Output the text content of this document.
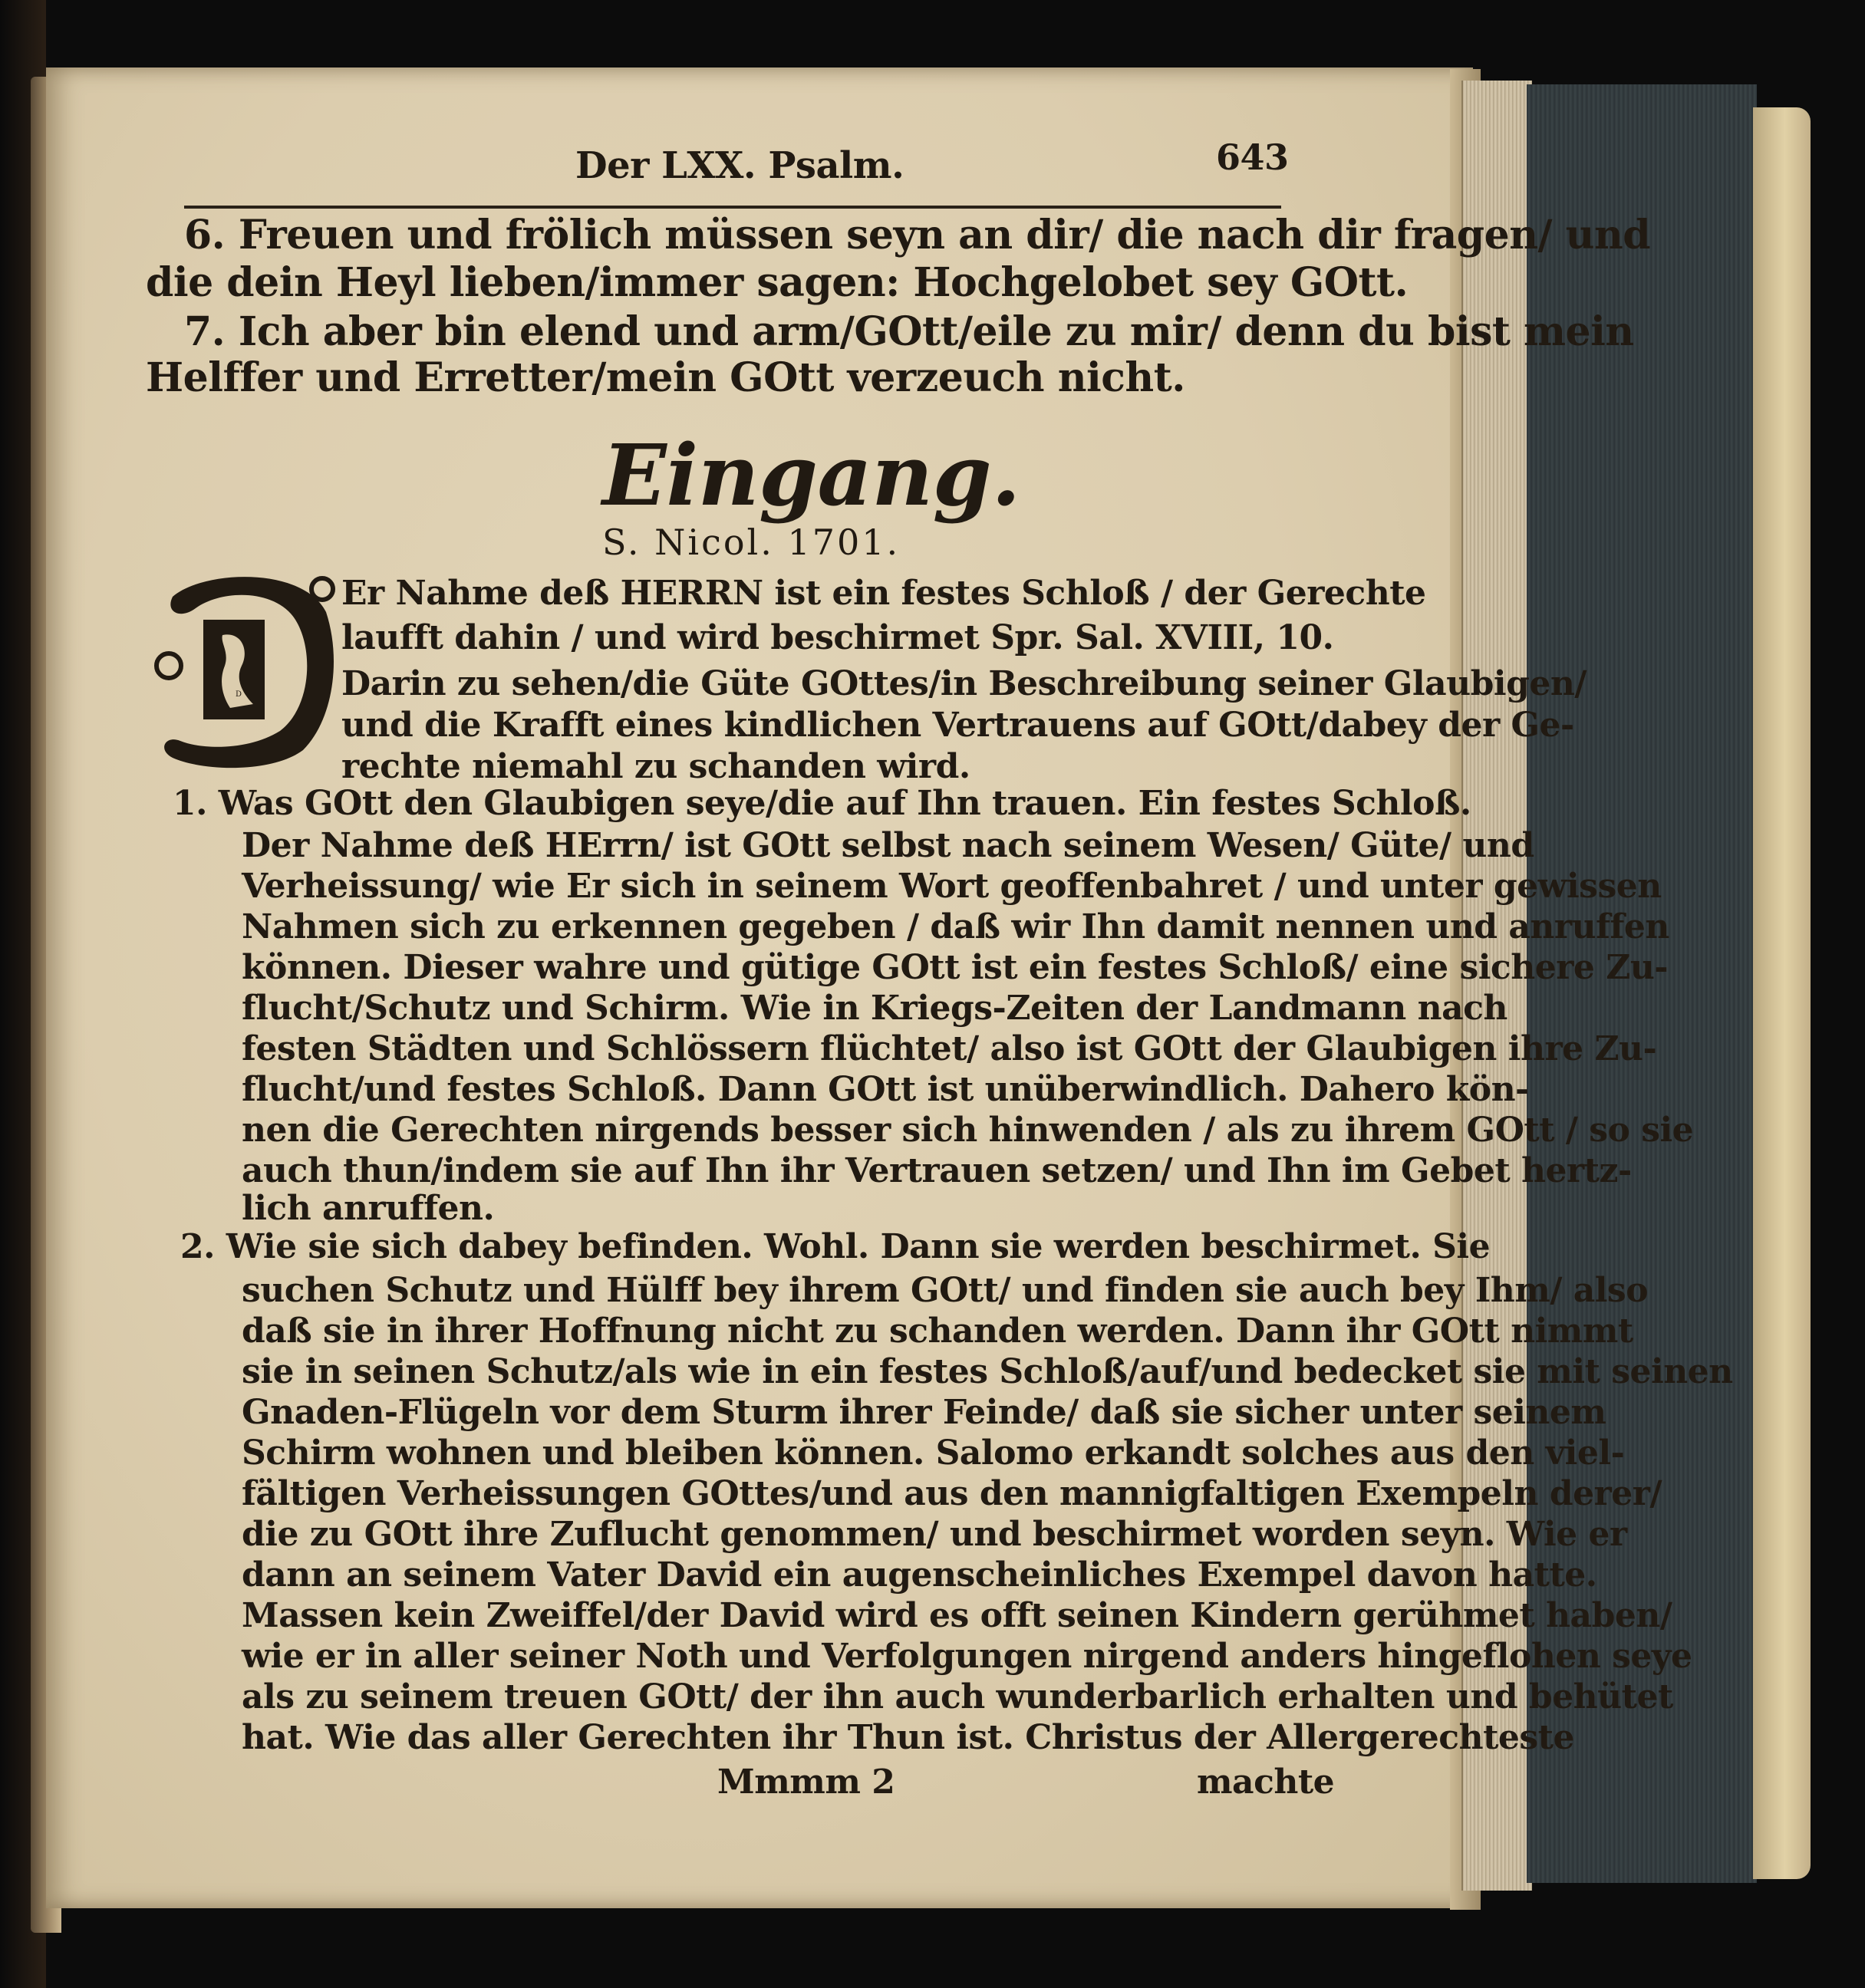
Der LXX. Psalm.	643
6. Freuen und frölich müssen seyn an dir/ die nach dir fragen/ und
die dein Heyl lieben/immer sagen: Hochgelobet sey GOtt.
7. Ich aber bin elend und arm/GOtt/eile zu mir/ denn du bist mein
Helffer und Erretter/mein GOtt verzeuch nicht.
Eingang.
S. Nicol. 1701.
D
Er Nahme deß HERRN ist ein festes Schloß / der Gerechte
laufft dahin / und wird beschirmet Spr. Sal. XVIII, 10.
Darin zu sehen/die Güte GOttes/in Beschreibung seiner Glaubigen/
und die Krafft eines kindlichen Vertrauens auf GOtt/dabey der Ge-
rechte niemahl zu schanden wird.
1. Was GOtt den Glaubigen seye/die auf Ihn trauen. Ein festes Schloß.
Der Nahme deß HErrn/ ist GOtt selbst nach seinem Wesen/ Güte/ und
Verheissung/ wie Er sich in seinem Wort geoffenbahret / und unter gewissen
Nahmen sich zu erkennen gegeben / daß wir Ihn damit nennen und anruffen
können. Dieser wahre und gütige GOtt ist ein festes Schloß/ eine sichere Zu-
flucht/Schutz und Schirm. Wie in Kriegs-Zeiten der Landmann nach
festen Städten und Schlössern flüchtet/ also ist GOtt der Glaubigen ihre Zu-
flucht/und festes Schloß. Dann GOtt ist unüberwindlich. Dahero kön-
nen die Gerechten nirgends besser sich hinwenden / als zu ihrem GOtt / so sie
auch thun/indem sie auf Ihn ihr Vertrauen setzen/ und Ihn im Gebet hertz-
lich anruffen.
2. Wie sie sich dabey befinden. Wohl. Dann sie werden beschirmet. Sie
suchen Schutz und Hülff bey ihrem GOtt/ und finden sie auch bey Ihm/ also
daß sie in ihrer Hoffnung nicht zu schanden werden. Dann ihr GOtt nimmt
sie in seinen Schutz/als wie in ein festes Schloß/auf/und bedecket sie mit seinen
Gnaden-Flügeln vor dem Sturm ihrer Feinde/ daß sie sicher unter seinem
Schirm wohnen und bleiben können. Salomo erkandt solches aus den viel-
fältigen Verheissungen GOttes/und aus den mannigfaltigen Exempeln derer/
die zu GOtt ihre Zuflucht genommen/ und beschirmet worden seyn. Wie er
dann an seinem Vater David ein augenscheinliches Exempel davon hatte.
Massen kein Zweiffel/der David wird es offt seinen Kindern gerühmet haben/
wie er in aller seiner Noth und Verfolgungen nirgend anders hingeflohen seye
als zu seinem treuen GOtt/ der ihn auch wunderbarlich erhalten und behütet
hat. Wie das aller Gerechten ihr Thun ist. Christus der Allergerechteste
Mmmm 2	machte
